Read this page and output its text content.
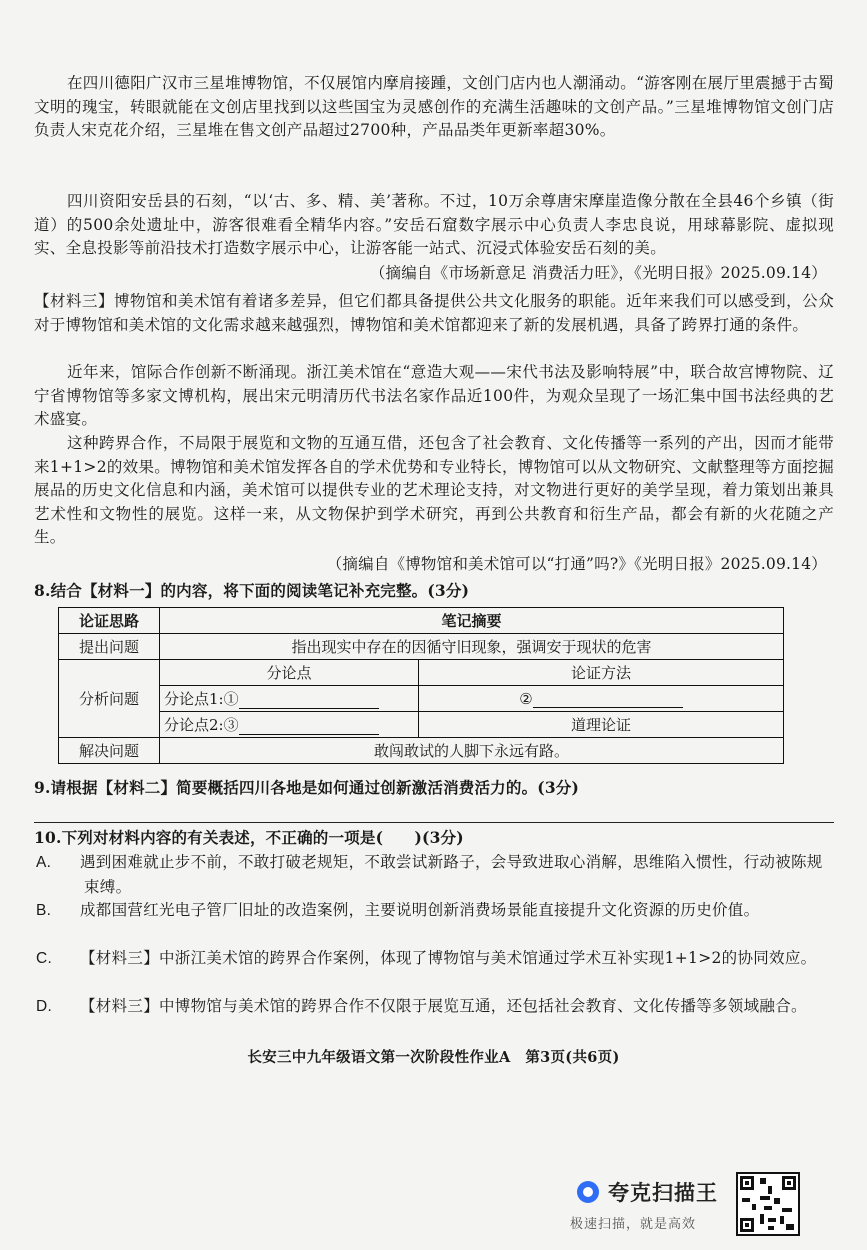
在四川德阳广汉市三星堆博物馆，不仅展馆内摩肩接踵，文创门店内也人潮涌动。“游客刚在展厅里震撼于古蜀文明的瑰宝，转眼就能在文创店里找到以这些国宝为灵感创作的充满生活趣味的文创产品。”三星堆博物馆文创门店负责人宋克花介绍，三星堆在售文创产品超过2700种，产品品类年更新率超30%。
四川资阳安岳县的石刻，“以‘古、多、精、美’著称。不过，10万余尊唐宋摩崖造像分散在全县46个乡镇（街道）的500余处遗址中，游客很难看全精华内容。”安岳石窟数字展示中心负责人李忠良说，用球幕影院、虚拟现实、全息投影等前沿技术打造数字展示中心，让游客能一站式、沉浸式体验安岳石刻的美。
（摘编自《市场新意足 消费活力旺》，《光明日报》2025.09.14）
【材料三】博物馆和美术馆有着诸多差异，但它们都具备提供公共文化服务的职能。近年来我们可以感受到，公众对于博物馆和美术馆的文化需求越来越强烈，博物馆和美术馆都迎来了新的发展机遇，具备了跨界打通的条件。
近年来，馆际合作创新不断涌现。浙江美术馆在“意造大观——宋代书法及影响特展”中，联合故宫博物院、辽宁省博物馆等多家文博机构，展出宋元明清历代书法名家作品近100件，为观众呈现了一场汇集中国书法经典的艺术盛宴。
这种跨界合作，不局限于展览和文物的互通互借，还包含了社会教育、文化传播等一系列的产出，因而才能带来1+1>2的效果。博物馆和美术馆发挥各自的学术优势和专业特长，博物馆可以从文物研究、文献整理等方面挖掘展品的历史文化信息和内涵，美术馆可以提供专业的艺术理论支持，对文物进行更好的美学呈现，着力策划出兼具艺术性和文物性的展览。这样一来，从文物保护到学术研究，再到公共教育和衍生产品，都会有新的火花随之产生。
（摘编自《博物馆和美术馆可以“打通”吗?》《光明日报》2025.09.14）
8.结合【材料一】的内容，将下面的阅读笔记补充完整。(3分)
论证思路	笔记摘要	
提出问题	指出现实中存在的因循守旧现象，强调安于现状的危害	
分析问题	分论点	论证方法
	分论点1:①	②
	分论点2:③	道理论证
解决问题	敢闯敢试的人脚下永远有路。	
9.请根据【材料二】简要概括四川各地是如何通过创新激活消费活力的。(3分)
10.下列对材料内容的有关表述，不正确的一项是(　　)(3分)
A. 遇到困难就止步不前，不敢打破老规矩，不敢尝试新路子，会导致进取心消解，思维陷入惯性，行动被陈规束缚。
B. 成都国营红光电子管厂旧址的改造案例，主要说明创新消费场景能直接提升文化资源的历史价值。
C. 【材料三】中浙江美术馆的跨界合作案例，体现了博物馆与美术馆通过学术互补实现1+1>2的协同效应。
D. 【材料三】中博物馆与美术馆的跨界合作不仅限于展览互通，还包括社会教育、文化传播等多领域融合。
长安三中九年级语文第一次阶段性作业A　第3页(共6页)
夸克扫描王
极速扫描，就是高效
